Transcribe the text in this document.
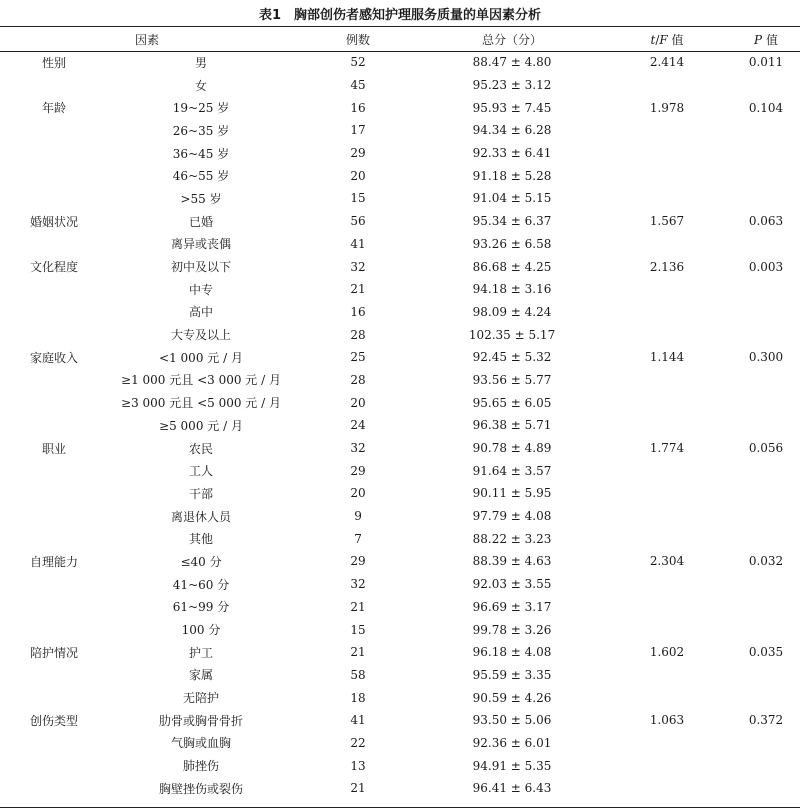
表1　胸部创伤者感知护理服务质量的单因素分析
因素		例数	总分（分）	t/F 值	P 值
性别	男	52	88.47 ± 4.80	2.414	0.011
	女	45	95.23 ± 3.12		
年龄	19~25 岁	16	95.93 ± 7.45	1.978	0.104
	26~35 岁	17	94.34 ± 6.28		
	36~45 岁	29	92.33 ± 6.41		
	46~55 岁	20	91.18 ± 5.28		
	>55 岁	15	91.04 ± 5.15		
婚姻状况	已婚	56	95.34 ± 6.37	1.567	0.063
	离异或丧偶	41	93.26 ± 6.58		
文化程度	初中及以下	32	86.68 ± 4.25	2.136	0.003
	中专	21	94.18 ± 3.16		
	高中	16	98.09 ± 4.24		
	大专及以上	28	102.35 ± 5.17		
家庭收入	<1 000 元 / 月	25	92.45 ± 5.32	1.144	0.300
	≥1 000 元且 <3 000 元 / 月	28	93.56 ± 5.77		
	≥3 000 元且 <5 000 元 / 月	20	95.65 ± 6.05		
	≥5 000 元 / 月	24	96.38 ± 5.71		
职业	农民	32	90.78 ± 4.89	1.774	0.056
	工人	29	91.64 ± 3.57		
	干部	20	90.11 ± 5.95		
	离退休人员	9	97.79 ± 4.08		
	其他	7	88.22 ± 3.23		
自理能力	≤40 分	29	88.39 ± 4.63	2.304	0.032
	41~60 分	32	92.03 ± 3.55		
	61~99 分	21	96.69 ± 3.17		
	100 分	15	99.78 ± 3.26		
陪护情况	护工	21	96.18 ± 4.08	1.602	0.035
	家属	58	95.59 ± 3.35		
	无陪护	18	90.59 ± 4.26		
创伤类型	肋骨或胸骨骨折	41	93.50 ± 5.06	1.063	0.372
	气胸或血胸	22	92.36 ± 6.01		
	肺挫伤	13	94.91 ± 5.35		
	胸壁挫伤或裂伤	21	96.41 ± 6.43		
